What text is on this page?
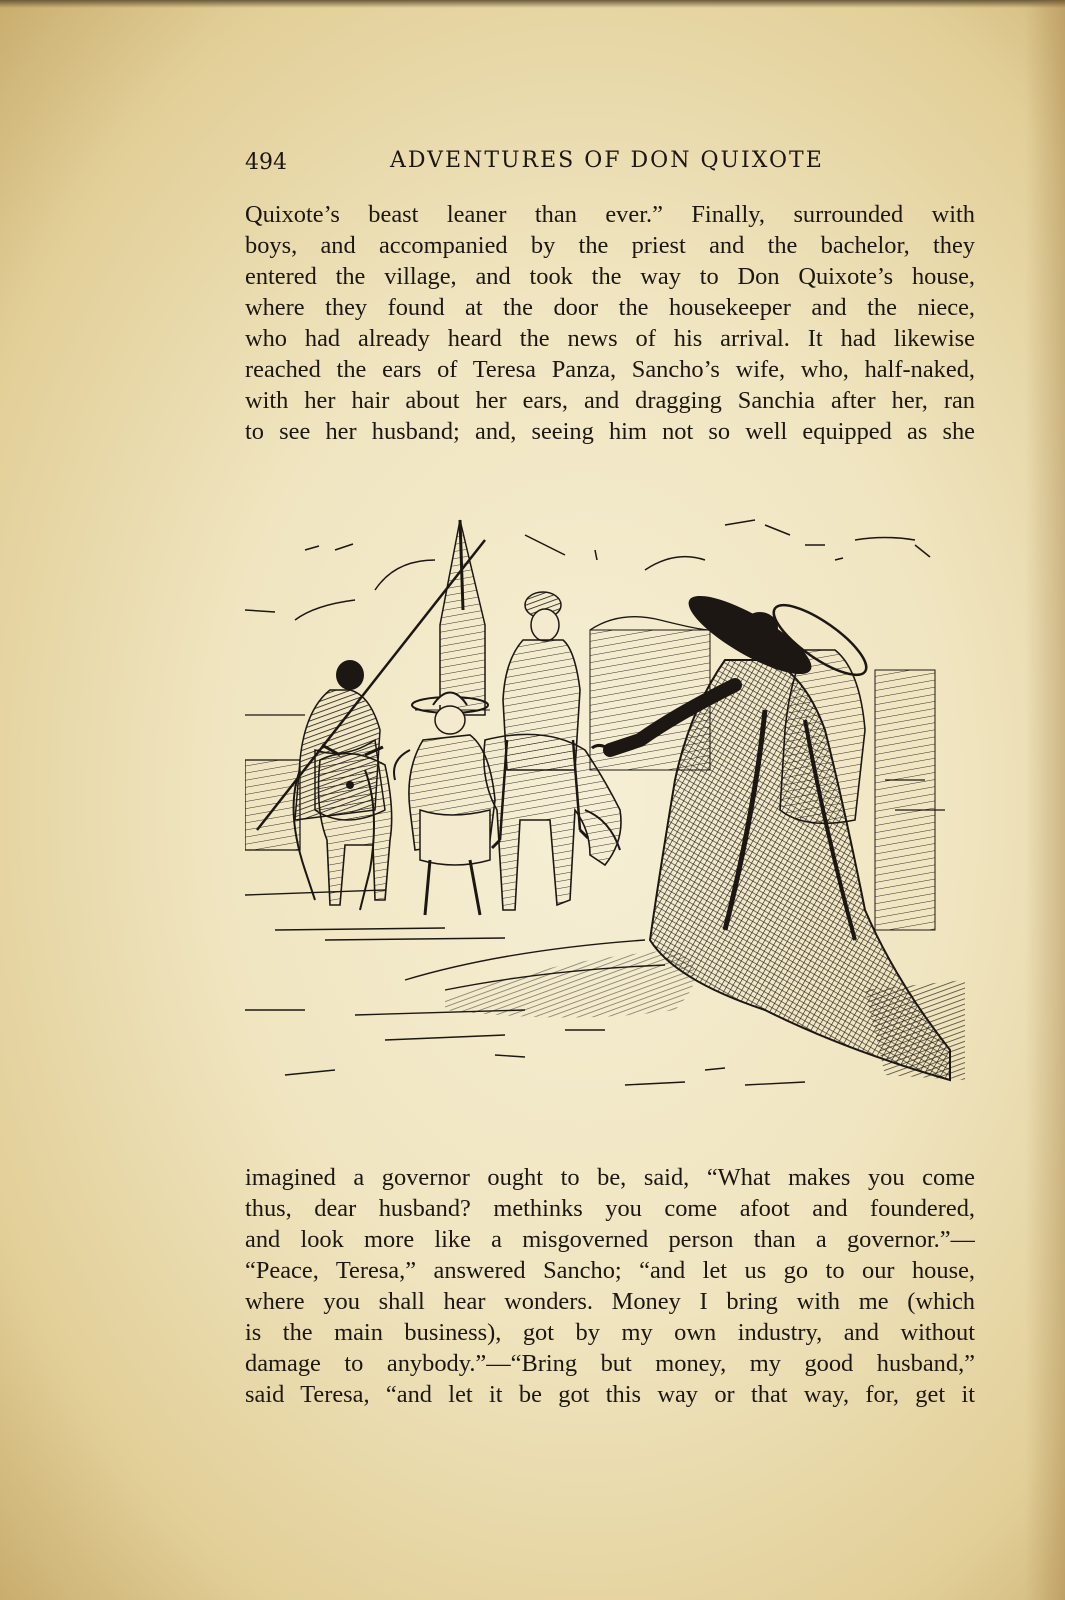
494	ADVENTURES OF DON QUIXOTE
Quixote’s beast leaner than ever.” Finally, surrounded with
boys, and accompanied by the priest and the bachelor, they
entered the village, and took the way to Don Quixote’s house,
where they found at the door the housekeeper and the niece,
who had already heard the news of his arrival. It had likewise
reached the ears of Teresa Panza, Sancho’s wife, who, half-naked,
with her hair about her ears, and dragging Sanchia after her, ran
to see her husband; and, seeing him not so well equipped as she
imagined a governor ought to be, said, “What makes you come
thus, dear husband? methinks you come afoot and foundered,
and look more like a misgoverned person than a governor.”—
“Peace, Teresa,” answered Sancho; “and let us go to our house,
where you shall hear wonders. Money I bring with me (which
is the main business), got by my own industry, and without
damage to anybody.”—“Bring but money, my good husband,”
said Teresa, “and let it be got this way or that way, for, get it
